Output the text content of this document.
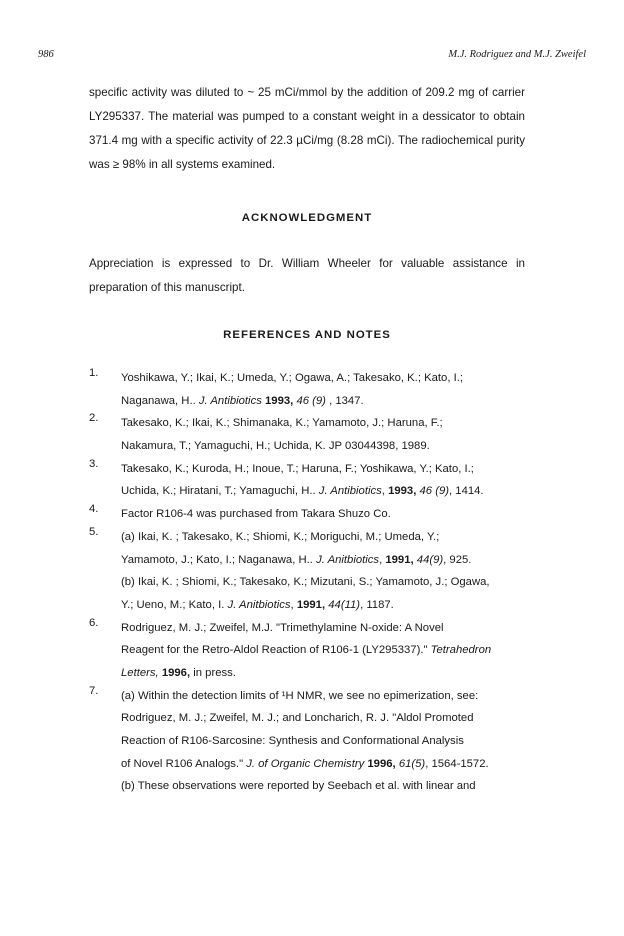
986	M.J. Rodriguez and M.J. Zweifel
specific activity was diluted to ~ 25 mCi/mmol by the addition of 209.2 mg of carrier LY295337. The material was pumped to a constant weight in a dessicator to obtain 371.4 mg with a specific activity of 22.3 µCi/mg (8.28 mCi). The radiochemical purity was ≥ 98% in all systems examined.
ACKNOWLEDGMENT
Appreciation is expressed to Dr. William Wheeler for valuable assistance in preparation of this manuscript.
REFERENCES AND NOTES
1. Yoshikawa, Y.; Ikai, K.; Umeda, Y.; Ogawa, A.; Takesako, K.; Kato, I.;
Naganawa, H.. J. Antibiotics 1993, 46 (9) , 1347.
2. Takesako, K.; Ikai, K.; Shimanaka, K.; Yamamoto, J.; Haruna, F.;
Nakamura, T.; Yamaguchi, H.; Uchida, K. JP 03044398, 1989.
3. Takesako, K.; Kuroda, H.; Inoue, T.; Haruna, F.; Yoshikawa, Y.; Kato, I.;
Uchida, K.; Hiratani, T.; Yamaguchi, H.. J. Antibiotics, 1993, 46 (9), 1414.
4. Factor R106-4 was purchased from Takara Shuzo Co.
5. (a) Ikai, K. ; Takesako, K.; Shiomi, K.; Moriguchi, M.; Umeda, Y.;
Yamamoto, J.; Kato, I.; Naganawa, H.. J. Anitbiotics, 1991, 44(9), 925.
(b) Ikai, K. ; Shiomi, K.; Takesako, K.; Mizutani, S.; Yamamoto, J.; Ogawa,
Y.; Ueno, M.; Kato, I. J. Anitbiotics, 1991, 44(11), 1187.
6. Rodriguez, M. J.; Zweifel, M.J. "Trimethylamine N-oxide: A Novel
Reagent for the Retro-Aldol Reaction of R106-1 (LY295337)." Tetrahedron
Letters, 1996, in press.
7. (a) Within the detection limits of ¹H NMR, we see no epimerization, see:
Rodriguez, M. J.; Zweifel, M. J.; and Loncharich, R. J. "Aldol Promoted
Reaction of R106-Sarcosine: Synthesis and Conformational Analysis
of Novel R106 Analogs." J. of Organic Chemistry 1996, 61(5), 1564-1572.
(b) These observations were reported by Seebach et al. with linear and
